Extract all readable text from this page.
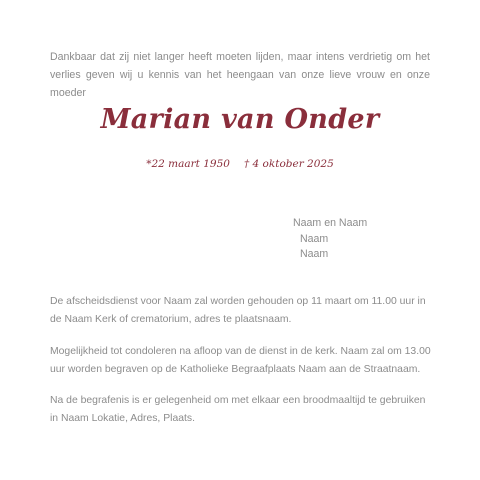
Dankbaar dat zij niet langer heeft moeten lijden, maar intens verdrietig om het verlies geven wij u kennis van het heengaan van onze lieve vrouw en onze moeder

Marian van Onder
*22 maart 1950 † 4 oktober 2025
Naam en Naam
Naam
Naam

De afscheidsdienst voor Naam zal worden gehouden op 11 maart om 11.00 uur in de Naam Kerk of crematorium, adres te plaatsnaam.

Mogelijkheid tot condoleren na afloop van de dienst in de kerk. Naam zal om 13.00 uur worden begraven op de Katholieke Begraafplaats Naam aan de Straatnaam.

Na de begrafenis is er gelegenheid om met elkaar een broodmaaltijd te gebruiken in Naam Lokatie, Adres, Plaats.
